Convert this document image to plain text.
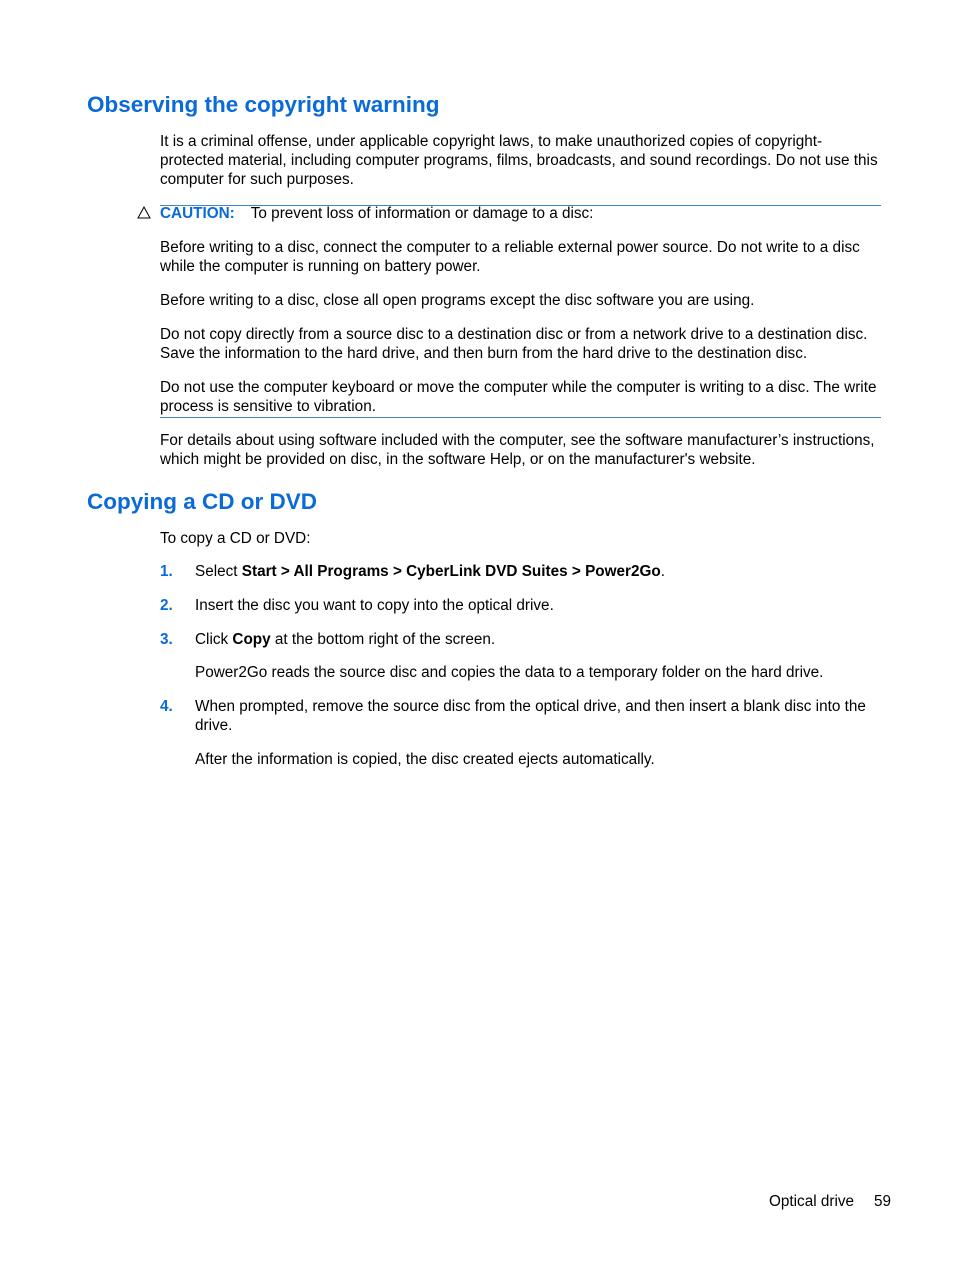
Observing the copyright warning

It is a criminal offense, under applicable copyright laws, to make unauthorized copies of copyright-protected material, including computer programs, films, broadcasts, and sound recordings. Do not use this computer for such purposes.

CAUTION: To prevent loss of information or damage to a disc:

Before writing to a disc, connect the computer to a reliable external power source. Do not write to a disc while the computer is running on battery power.

Before writing to a disc, close all open programs except the disc software you are using.

Do not copy directly from a source disc to a destination disc or from a network drive to a destination disc. Save the information to the hard drive, and then burn from the hard drive to the destination disc.

Do not use the computer keyboard or move the computer while the computer is writing to a disc. The write process is sensitive to vibration.

For details about using software included with the computer, see the software manufacturer’s instructions, which might be provided on disc, in the software Help, or on the manufacturer's website.

Copying a CD or DVD

To copy a CD or DVD:

1. Select Start > All Programs > CyberLink DVD Suites > Power2Go.

2. Insert the disc you want to copy into the optical drive.

3. Click Copy at the bottom right of the screen.

Power2Go reads the source disc and copies the data to a temporary folder on the hard drive.

4. When prompted, remove the source disc from the optical drive, and then insert a blank disc into the drive.

After the information is copied, the disc created ejects automatically.

Optical drive 59
